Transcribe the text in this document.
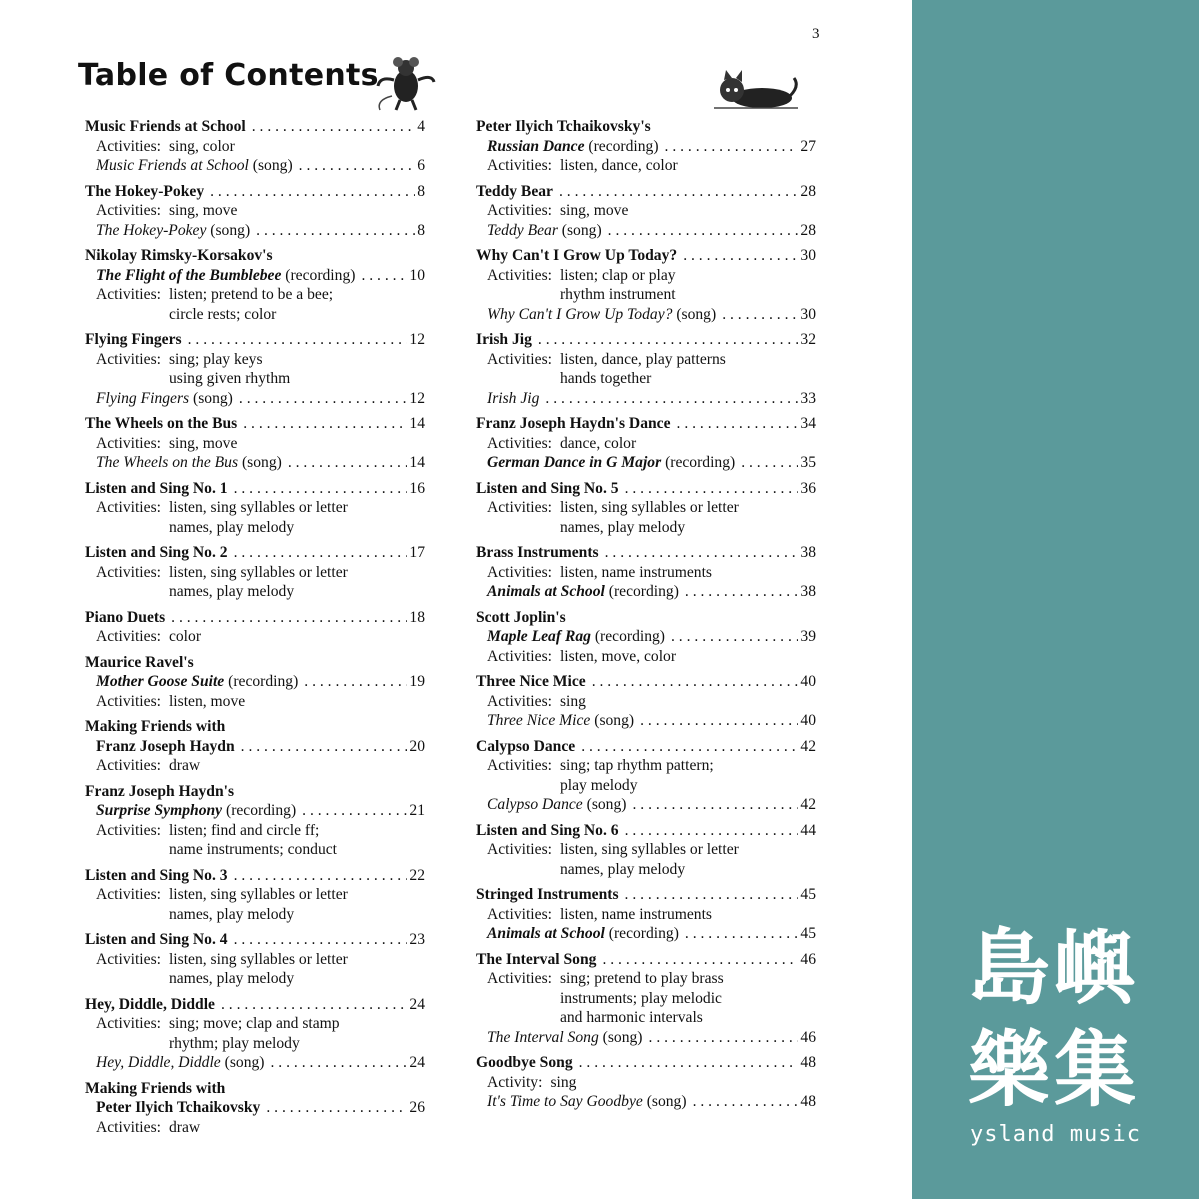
3
Table of Contents
Music Friends at School . . .	4
Activities: sing, color
Music Friends at School (song) . . .	6
The Hokey-Pokey . . .	8
Activities: sing, move
The Hokey-Pokey (song) . . .	8
Nikolay Rimsky-Korsakov's
The Flight of the Bumblebee (recording) . . .	10
Activities: listen; pretend to be a bee;
circle rests; color
Flying Fingers . . .	12
Activities: sing; play keys
using given rhythm
Flying Fingers (song) . . .	12
The Wheels on the Bus . . .	14
Activities: sing, move
The Wheels on the Bus (song) . . .	14
Listen and Sing No. 1 . . .	16
Activities: listen, sing syllables or letter
names, play melody
Listen and Sing No. 2 . . .	17
Activities: listen, sing syllables or letter
names, play melody
Piano Duets . . .	18
Activities: color
Maurice Ravel's
Mother Goose Suite (recording) . . .	19
Activities: listen, move
Making Friends with
Franz Joseph Haydn . . .	20
Activities: draw
Franz Joseph Haydn's
Surprise Symphony (recording) . . .	21
Activities: listen; find and circle ff;
name instruments; conduct
Listen and Sing No. 3 . . .	22
Activities: listen, sing syllables or letter
names, play melody
Listen and Sing No. 4 . . .	23
Activities: listen, sing syllables or letter
names, play melody
Hey, Diddle, Diddle . . .	24
Activities: sing; move; clap and stamp
rhythm; play melody
Hey, Diddle, Diddle (song) . . .	24
Making Friends with
Peter Ilyich Tchaikovsky . . .	26
Activities: draw
Peter Ilyich Tchaikovsky's
Russian Dance (recording) . . .	27
Activities: listen, dance, color
Teddy Bear . . .	28
Activities: sing, move
Teddy Bear (song) . . .	28
Why Can't I Grow Up Today? . . .	30
Activities: listen; clap or play
rhythm instrument
Why Can't I Grow Up Today? (song) . . .	30
Irish Jig . . .	32
Activities: listen, dance, play patterns
hands together
Irish Jig . . .	33
Franz Joseph Haydn's Dance . . .	34
Activities: dance, color
German Dance in G Major (recording) . . .	35
Listen and Sing No. 5 . . .	36
Activities: listen, sing syllables or letter
names, play melody
Brass Instruments . . .	38
Activities: listen, name instruments
Animals at School (recording) . . .	38
Scott Joplin's
Maple Leaf Rag (recording) . . .	39
Activities: listen, move, color
Three Nice Mice . . .	40
Activities: sing
Three Nice Mice (song) . . .	40
Calypso Dance . . .	42
Activities: sing; tap rhythm pattern;
play melody
Calypso Dance (song) . . .	42
Listen and Sing No. 6 . . .	44
Activities: listen, sing syllables or letter
names, play melody
Stringed Instruments . . .	45
Activities: listen, name instruments
Animals at School (recording) . . .	45
The Interval Song . . .	46
Activities: sing; pretend to play brass
instruments; play melodic
and harmonic intervals
The Interval Song (song) . . .	46
Goodbye Song . . .	48
Activity: sing
It's Time to Say Goodbye (song) . . .	48
島嶼
樂集
ysland music
